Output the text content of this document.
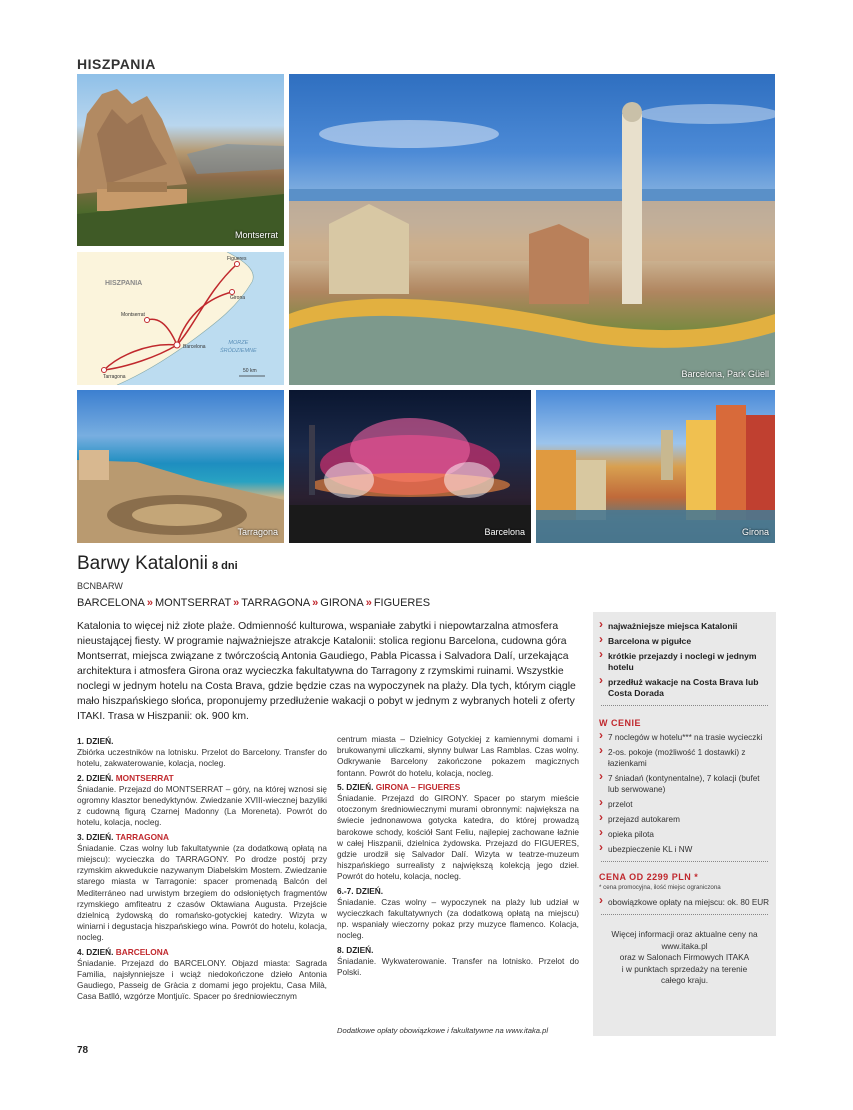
HISZPANIA
Montserrat
HISZPANIA
MORZE
ŚRÓDZIEMNE
50 km
Figueres
Girona
Montserrat
Barcelona
Tarragona	Barcelona, Park Güell
Tarragona	Barcelona	Girona
Barwy Katalonii 8 dni
BCNBARW
BARCELONA » MONTSERRAT » TARRAGONA » GIRONA » FIGUERES
Katalonia to więcej niż złote plaże. Odmienność kulturowa, wspaniałe zabytki i niepowtarzalna atmosfera nieustającej fiesty. W programie najważniejsze atrakcje Katalonii: stolica regionu Barcelona, cudowna góra Montserrat, miejsca związane z twórczością Antonia Gaudiego, Pabla Picassa i Salvadora Dalí, urzekająca architektura i atmosfera Girona oraz wycieczka fakultatywna do Tarragony z rzymskimi ruinami. Wszystkie noclegi w jednym hotelu na Costa Brava, gdzie będzie czas na wypoczynek na plaży. Dla tych, którym ciągle mało hiszpańskiego słońca, proponujemy przedłużenie wakacji o pobyt w jednym z wybranych hoteli z oferty ITAKI. Trasa w Hiszpanii: ok. 900 km.
1. DZIEŃ.

Zbiórka uczestników na lotnisku. Przelot do Barcelony. Transfer do hotelu, zakwaterowanie, kolacja, nocleg.

2. DZIEŃ. MONTSERRAT

Śniadanie. Przejazd do MONTSERRAT – góry, na której wznosi się ogromny klasztor benedyktynów. Zwiedzanie XVIII-wiecznej bazyliki z cudowną figurą Czarnej Madonny (La Moreneta). Powrót do hotelu, kolacja, nocleg.

3. DZIEŃ. TARRAGONA

Śniadanie. Czas wolny lub fakultatywnie (za dodatkową opłatą na miejscu): wycieczka do TARRAGONY. Po drodze postój przy rzymskim akwedukcie nazywanym Diabelskim Mostem. Zwiedzanie starego miasta w Tarragonie: spacer promenadą Balcón del Mediterráneo nad urwistym brzegiem do odsłoniętych fragmentów rzymskiego amfiteatru z czasów Oktawiana Augusta. Przejście dzielnicą żydowską do romańsko-gotyckiej katedry. Wizyta w winiarni i degustacja hiszpańskiego wina. Powrót do hotelu, kolacja, nocleg.

4. DZIEŃ. BARCELONA

Śniadanie. Przejazd do BARCELONY. Objazd miasta: Sagrada Familia, najsłynniejsze i wciąż niedokończone dzieło Antonia Gaudiego, Passeig de Gràcia z domami jego projektu, Casa Milà, Casa Batlló, wzgórze Montjuïc. Spacer po średniowiecznym

centrum miasta – Dzielnicy Gotyckiej z kamiennymi domami i brukowanymi uliczkami, słynny bulwar Las Ramblas. Czas wolny. Odkrywanie Barcelony zakończone pokazem magicznych fontann. Powrót do hotelu, kolacja, nocleg.

5. DZIEŃ. GIRONA – FIGUERES

Śniadanie. Przejazd do GIRONY. Spacer po starym mieście otoczonym średniowiecznymi murami obronnymi: największa na świecie jednonawowa gotycka katedra, do której prowadzą barokowe schody, kościół Sant Feliu, najlepiej zachowane łaźnie w całej Hiszpanii, dzielnica żydowska. Przejazd do FIGUERES, gdzie urodził się Salvador Dalí. Wizyta w teatrze-muzeum hiszpańskiego surrealisty z największą kolekcją jego dzieł. Powrót do hotelu, kolacja, nocleg.

6.-7. DZIEŃ.

Śniadanie. Czas wolny – wypoczynek na plaży lub udział w wycieczkach fakultatywnych (za dodatkową opłatą na miejscu) np. wspaniały wieczorny pokaz przy muzyce flamenco. Kolacja, nocleg.

8. DZIEŃ.

Śniadanie. Wykwaterowanie. Transfer na lotnisko. Przelot do Polski.

Dodatkowe opłaty obowiązkowe i fakultatywne na www.itaka.pl
78
› najważniejsze miejsca Katalonii
› Barcelona w pigułce
› krótkie przejazdy i noclegi w jednym hotelu
› przedłuż wakacje na Costa Brava lub Costa Dorada
W CENIE
› 7 noclegów w hotelu*** na trasie wycieczki
› 2-os. pokoje (możliwość 1 dostawki) z łazienkami
› 7 śniadań (kontynentalne), 7 kolacji (bufet lub serwowane)
› przelot
› przejazd autokarem
› opieka pilota
› ubezpieczenie KL i NW
CENA OD 2299 PLN *
* cena promocyjna, ilość miejsc ograniczona
› obowiązkowe opłaty na miejscu: ok. 80 EUR
Więcej informacji oraz aktualne ceny na
www.itaka.pl
oraz w Salonach Firmowych ITAKA
i w punktach sprzedaży na terenie
całego kraju.
